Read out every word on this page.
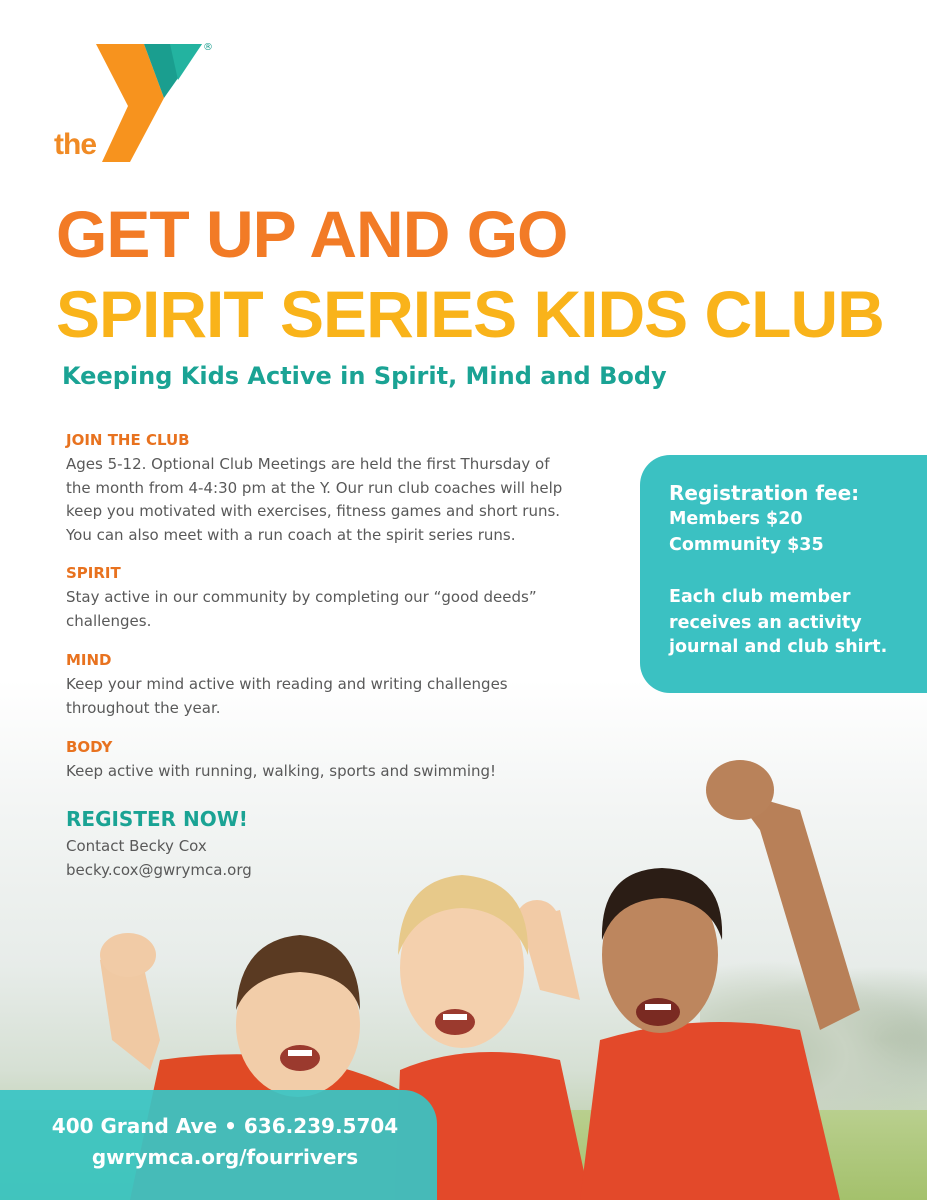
the
®
GET UP AND GO
SPIRIT SERIES KIDS CLUB
Keeping Kids Active in Spirit, Mind and Body
JOIN THE CLUB
Ages 5-12. Optional Club Meetings are held the first Thursday of
the month from 4-4:30 pm at the Y. Our run club coaches will help
keep you motivated with exercises, fitness games and short runs.
You can also meet with a run coach at the spirit series runs.
SPIRIT
Stay active in our community by completing our “good deeds”
challenges.
MIND
Keep your mind active with reading and writing challenges
throughout the year.
BODY
Keep active with running, walking, sports and swimming!
REGISTER NOW!
Contact Becky Cox
becky.cox@gwrymca.org
Registration fee:
Members $20
Community $35
Each club member
receives an activity
journal and club shirt.
400 Grand Ave • 636.239.5704
gwrymca.org/fourrivers
